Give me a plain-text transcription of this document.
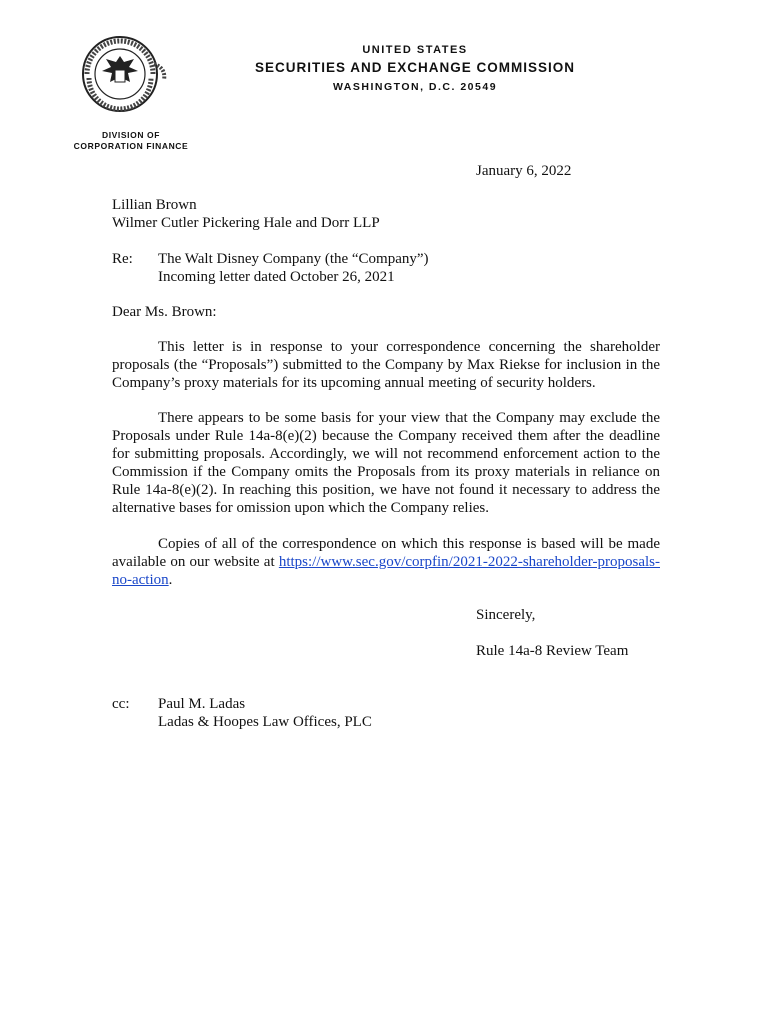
DIVISION OF
CORPORATION FINANCE
UNITED STATES
SECURITIES AND EXCHANGE COMMISSION
WASHINGTON, D.C. 20549
January 6, 2022
Lillian Brown
Wilmer Cutler Pickering Hale and Dorr LLP
Re: The Walt Disney Company (the “Company”)
Incoming letter dated October 26, 2021
Dear Ms. Brown:
This letter is in response to your correspondence concerning the shareholder proposals (the “Proposals”) submitted to the Company by Max Riekse for inclusion in the Company’s proxy materials for its upcoming annual meeting of security holders.
There appears to be some basis for your view that the Company may exclude the Proposals under Rule 14a-8(e)(2) because the Company received them after the deadline for submitting proposals. Accordingly, we will not recommend enforcement action to the Commission if the Company omits the Proposals from its proxy materials in reliance on Rule 14a-8(e)(2). In reaching this position, we have not found it necessary to address the alternative bases for omission upon which the Company relies.
Copies of all of the correspondence on which this response is based will be made available on our website at https://www.sec.gov/corpfin/2021-2022-shareholder-proposals-no-action.
Sincerely,
Rule 14a-8 Review Team
cc: Paul M. Ladas
Ladas & Hoopes Law Offices, PLC
